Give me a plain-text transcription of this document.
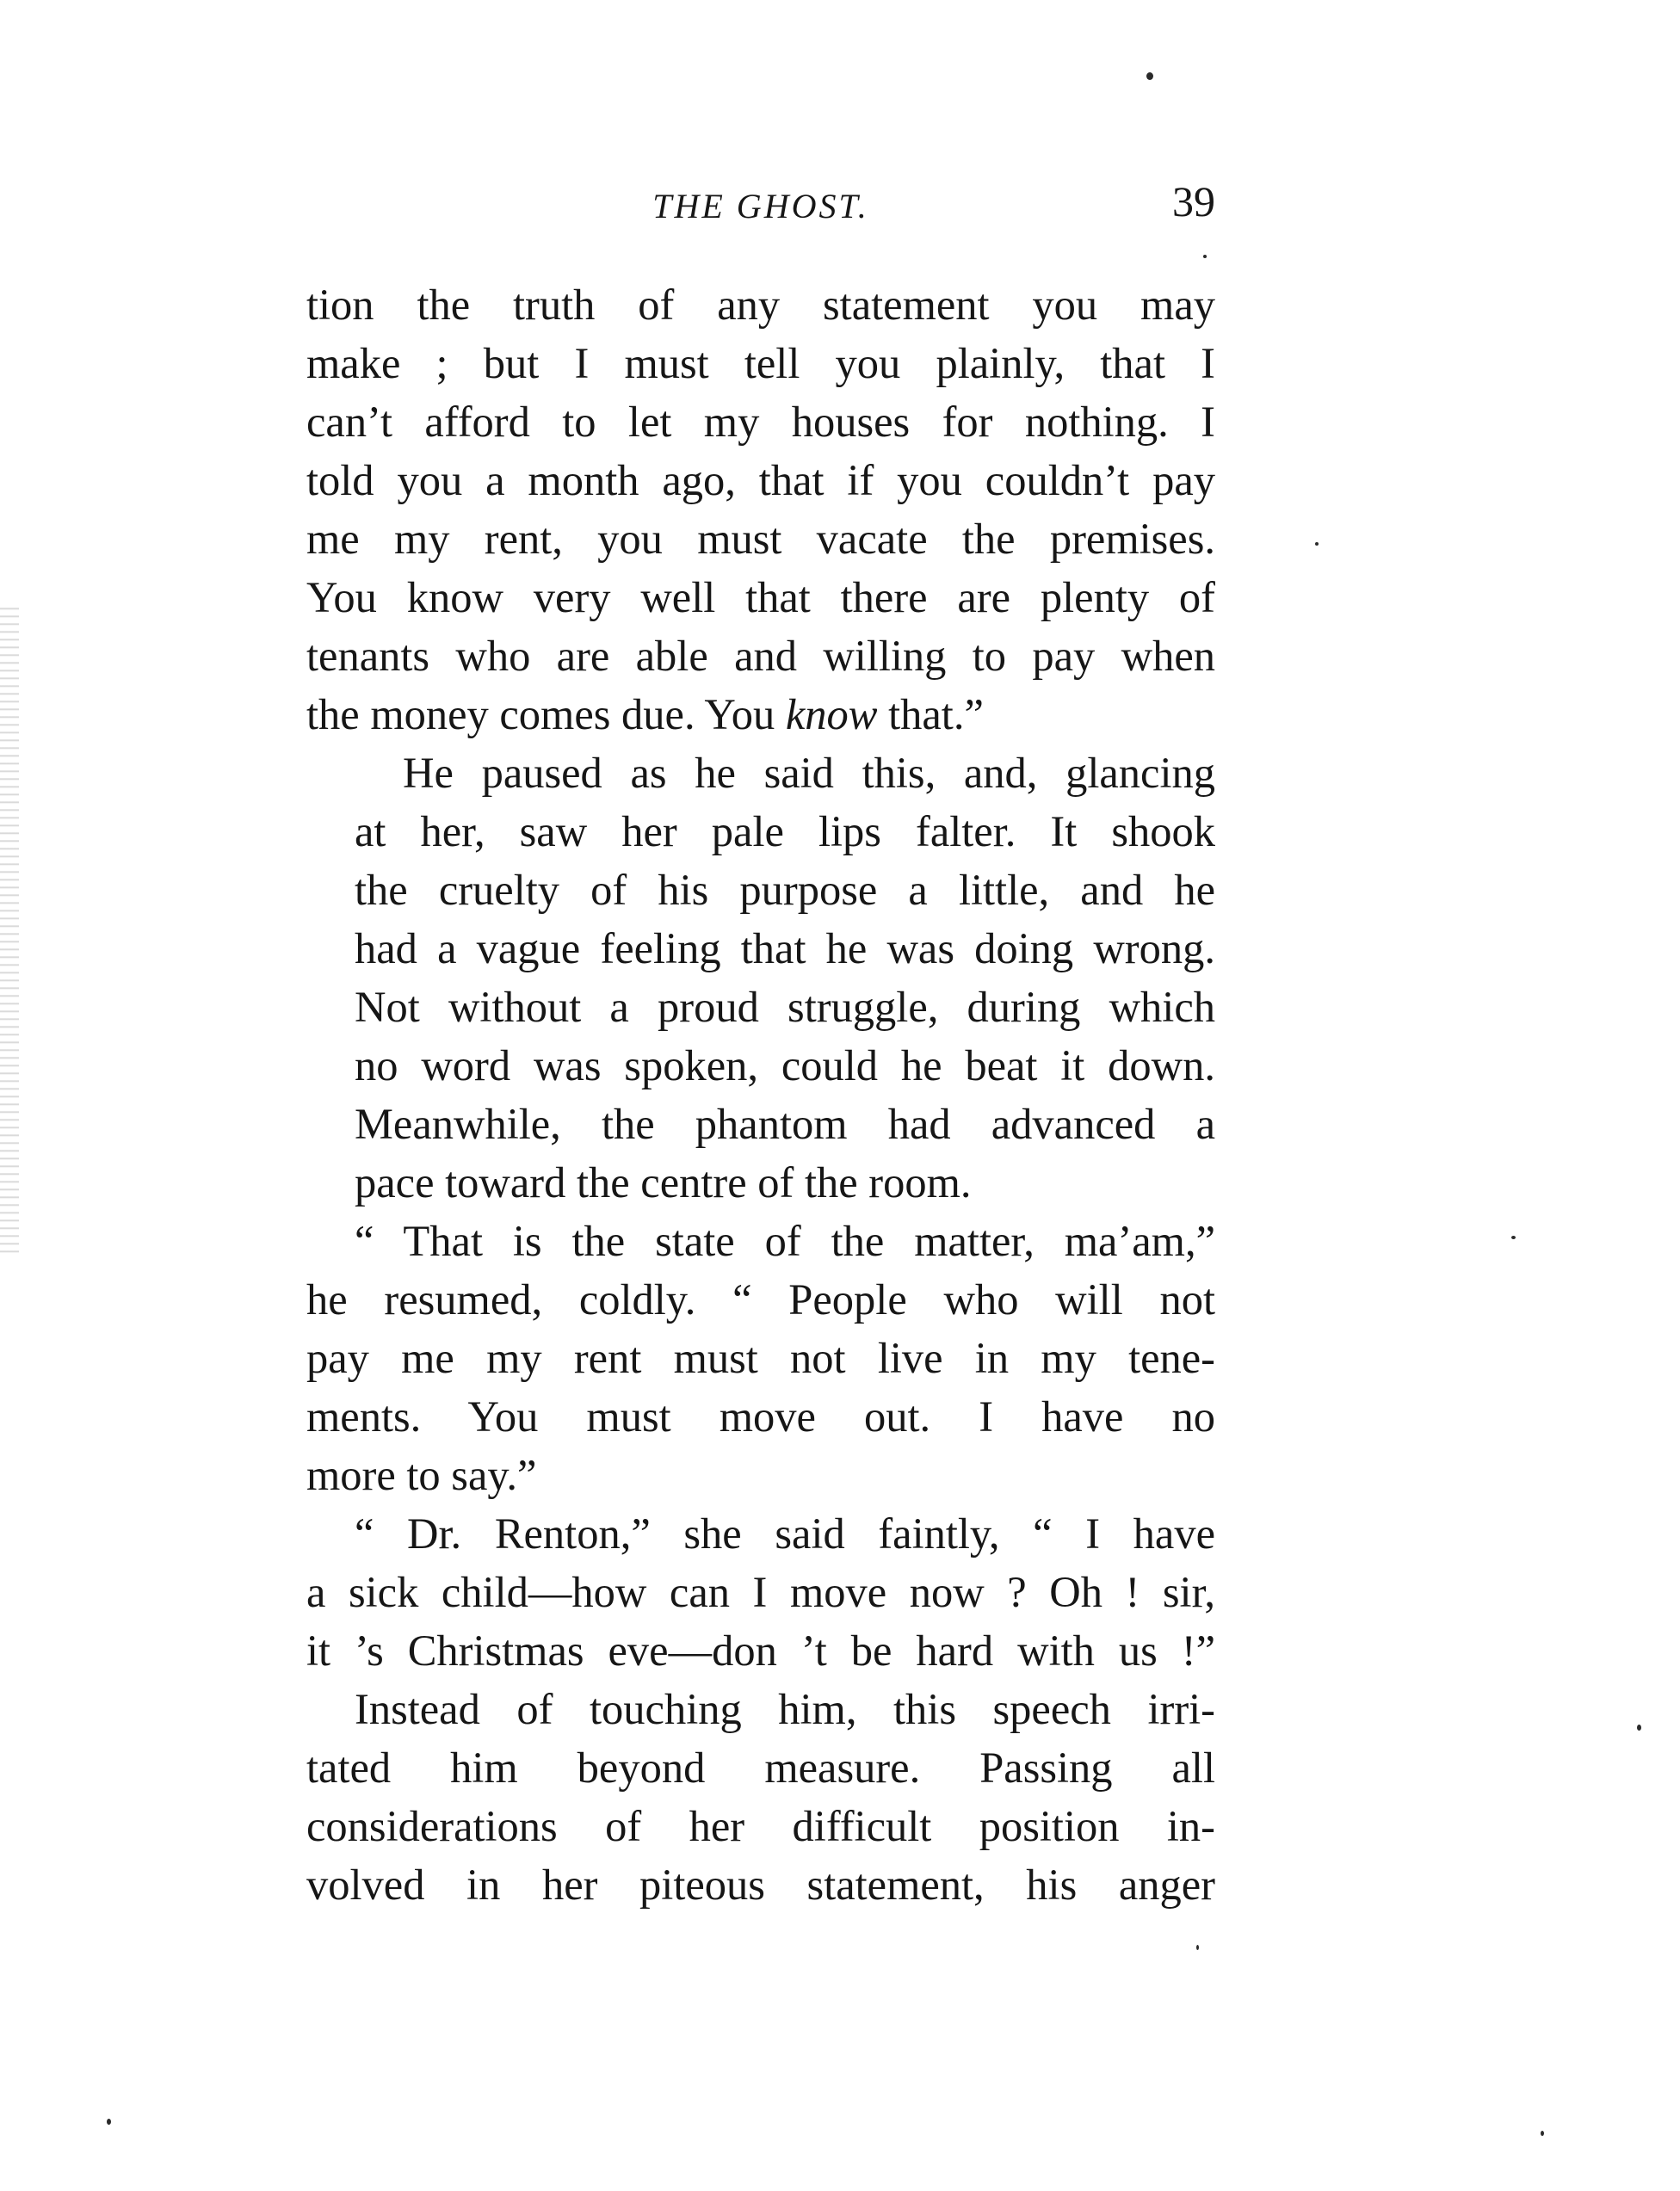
THE GHOST.	39
tion the truth of any statement you may
make ; but I must tell you plainly, that I
can’t afford to let my houses for nothing. I
told you a month ago, that if you couldn’t pay
me my rent, you must vacate the premises.
You know very well that there are plenty of
tenants who are able and willing to pay when
the money comes due. You know that.”
He paused as he said this, and, glancing
at her, saw her pale lips falter. It shook
the cruelty of his purpose a little, and he
had a vague feeling that he was doing wrong.
Not without a proud struggle, during which
no word was spoken, could he beat it down.
Meanwhile, the phantom had advanced a
pace toward the centre of the room.
“ That is the state of the matter, ma’am,”
he resumed, coldly. “ People who will not
pay me my rent must not live in my tene-
ments. You must move out. I have no
more to say.”
“ Dr. Renton,” she said faintly, “ I have
a sick child—how can I move now ? Oh ! sir,
it ’s Christmas eve—don ’t be hard with us !”
Instead of touching him, this speech irri-
tated him beyond measure. Passing all
considerations of her difficult position in-
volved in her piteous statement, his anger
